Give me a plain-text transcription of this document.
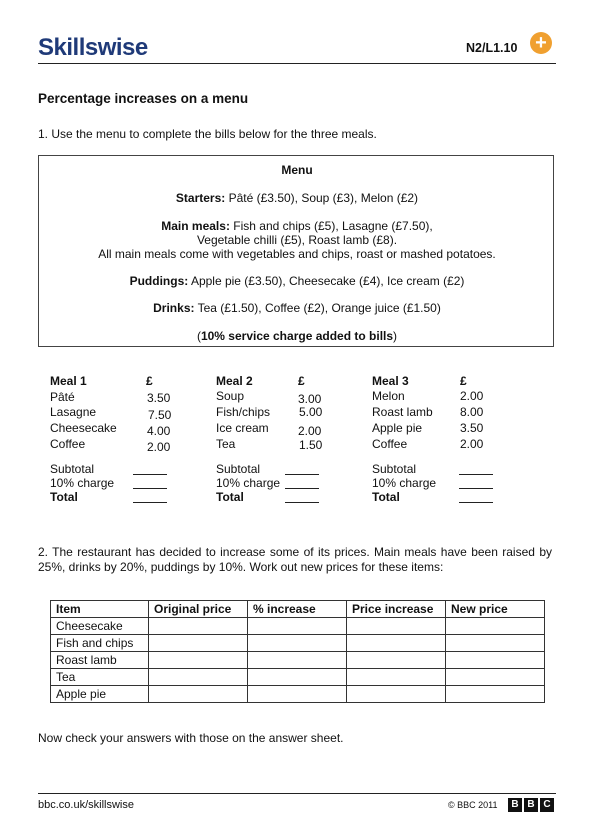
Skillswise	N2/L1.10 +
Percentage increases on a menu
1. Use the menu to complete the bills below for the three meals.
Menu
Starters: Pâté (£3.50), Soup (£3), Melon (£2)
Main meals: Fish and chips (£5), Lasagne (£7.50),
Vegetable chilli (£5), Roast lamb (£8).
All main meals come with vegetables and chips, roast or mashed potatoes.
Puddings: Apple pie (£3.50), Cheesecake (£4), Ice cream (£2)
Drinks: Tea (£1.50), Coffee (£2), Orange juice (£1.50)
(10% service charge added to bills)
Meal 1	£
Pâté	3.50
Lasagne	7.50
Cheesecake	4.00
Coffee	2.00
Subtotal
10% charge
Total
Meal 2	£
Soup	3.00
Fish/chips 5.00
Ice cream 2.00
Tea	1.50
Subtotal
10% charge
Total
Meal 3	£
Melon	2.00
Roast lamb 8.00
Apple pie	3.50
Coffee	2.00
Subtotal
10% charge
Total
2. The restaurant has decided to increase some of its prices. Main meals have been raised by 25%, drinks by 20%, puddings by 10%. Work out new prices for these items:
Item	Original price	% increase	Price increase	New price
Cheesecake				
Fish and chips				
Roast lamb				
Tea				
Apple pie				
Now check your answers with those on the answer sheet.
bbc.co.uk/skillswise	© BBC 2011	B B C
